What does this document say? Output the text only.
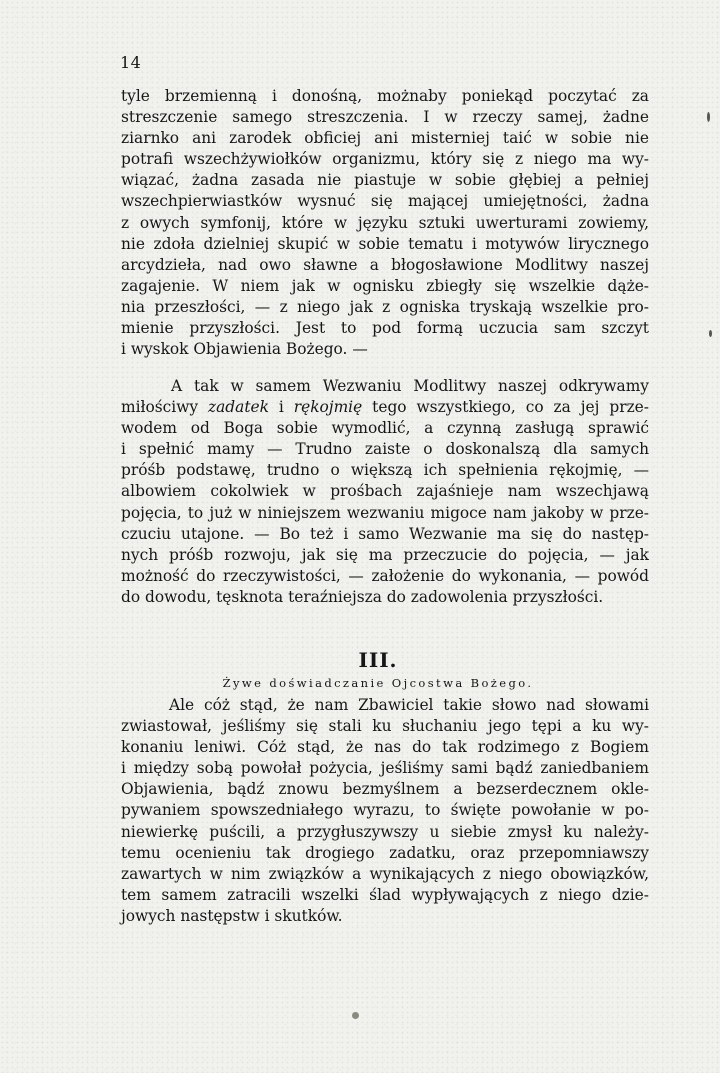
14
tyle brzemienną i donośną, możnaby poniekąd poczytać za
streszczenie samego streszczenia. I w rzeczy samej, żadne
ziarnko ani zarodek obficiej ani misterniej taić w sobie nie
potrafi wszechżywiołków organizmu, który się z niego ma wy-
wiązać, żadna zasada nie piastuje w sobie głębiej a pełniej
wszechpierwiastków wysnuć się mającej umiejętności, żadna
z owych symfonij, które w języku sztuki uwerturami zowiemy,
nie zdoła dzielniej skupić w sobie tematu i motywów lirycznego
arcydzieła, nad owo sławne a błogosławione Modlitwy naszej
zagajenie. W niem jak w ognisku zbiegły się wszelkie dąże-
nia przeszłości, — z niego jak z ogniska tryskają wszelkie pro-
mienie przyszłości. Jest to pod formą uczucia sam szczyt
i wyskok Objawienia Bożego. —
A tak w samem Wezwaniu Modlitwy naszej odkrywamy
miłościwy zadatek i rękojmię tego wszystkiego, co za jej prze-
wodem od Boga sobie wymodlić, a czynną zasługą sprawić
i spełnić mamy — Trudno zaiste o doskonalszą dla samych
próśb podstawę, trudno o większą ich spełnienia rękojmię, —
albowiem cokolwiek w prośbach zajaśnieje nam wszechjawą
pojęcia, to już w niniejszem wezwaniu migoce nam jakoby w prze-
czuciu utajone. — Bo też i samo Wezwanie ma się do następ-
nych próśb rozwoju, jak się ma przeczucie do pojęcia, — jak
możność do rzeczywistości, — założenie do wykonania, — powód
do dowodu, tęsknota teraźniejsza do zadowolenia przyszłości.
III.
Żywe doświadczanie Ojcostwa Bożego.
Ale cóż stąd, że nam Zbawiciel takie słowo nad słowami
zwiastował, jeśliśmy się stali ku słuchaniu jego tępi a ku wy-
konaniu leniwi. Cóż stąd, że nas do tak rodzimego z Bogiem
i między sobą powołał pożycia, jeśliśmy sami bądź zaniedbaniem
Objawienia, bądź znowu bezmyślnem a bezserdecznem okle-
pywaniem spowszedniałego wyrazu, to święte powołanie w po-
niewierkę puścili, a przygłuszywszy u siebie zmysł ku należy-
temu ocenieniu tak drogiego zadatku, oraz przepomniawszy
zawartych w nim związków a wynikających z niego obowiązków,
tem samem zatracili wszelki ślad wypływających z niego dzie-
jowych następstw i skutków.
